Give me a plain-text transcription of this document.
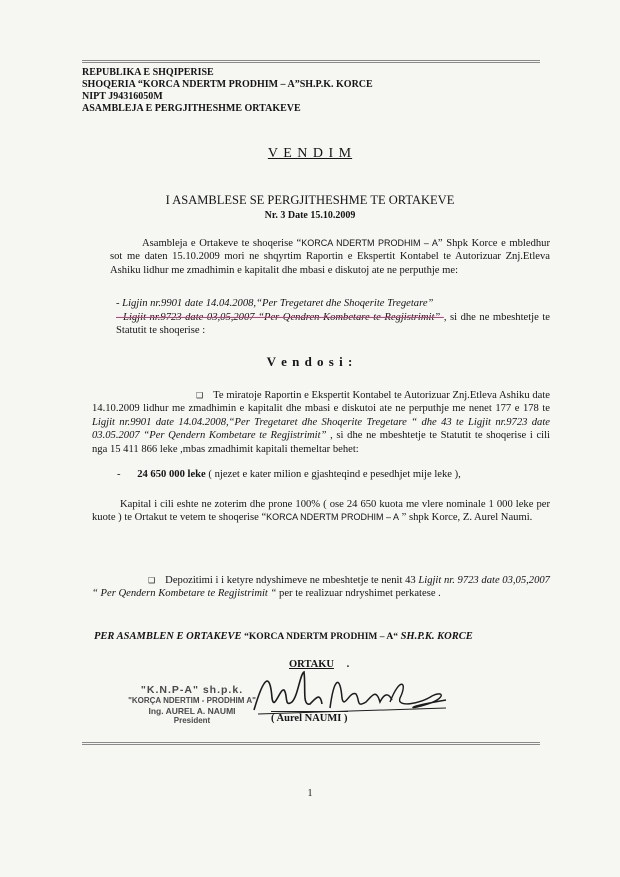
REPUBLIKA E SHQIPERISE
SHOQERIA “KORCA NDERTM PRODHIM – A”SH.P.K. KORCE
NIPT J94316050M
ASAMBLEJA E PERGJITHESHME ORTAKEVE
V E N D I M
I ASAMBLESE SE PERGJITHESHME TE ORTAKEVE
Nr. 3 Date 15.10.2009
Asambleja e Ortakeve te shoqerise “KORCA NDERTM PRODHIM – A” Shpk Korce e mbledhur sot me daten 15.10.2009 mori ne shqyrtim Raportin e Ekspertit Kontabel te Autorizuar Znj.Etleva Ashiku lidhur me zmadhimin e kapitalit dhe mbasi e diskutoj ate ne perputhje me:
- Ligjin nr.9901 date 14.04.2008,“Per Tregetaret dhe Shoqerite Tregetare”
- Ligjit nr.9723 date 03,05,2007 “Per Qendren Kombetare te Regjistrimit” , si dhe ne mbeshtetje te Statutit te shoqerise :
V e n d o s i :
❑ Te miratoje Raportin e Ekspertit Kontabel te Autorizuar Znj.Etleva Ashiku date 14.10.2009 lidhur me zmadhimin e kapitalit dhe mbasi e diskutoi ate ne perputhje me nenet 177 e 178 te Ligjit nr.9901 date 14.04.2008,“Per Tregetaret dhe Shoqerite Tregetare “ dhe 43 te Ligjit nr.9723 date 03.05.2007 “Per Qendern Kombetare te Regjistrimit” , si dhe ne mbeshtetje te Statutit te shoqerise i cili nga 15 411 866 leke ,mbas zmadhimit kapitali themeltar behet:
- 24 650 000 leke ( njezet e kater milion e gjashteqind e pesedhjet mije leke ),
Kapital i cili eshte ne zoterim dhe prone 100% ( ose 24 650 kuota me vlere nominale 1 000 leke per kuote ) te Ortakut te vetem te shoqerise “KORCA NDERTM PRODHIM – A ” shpk Korce, Z. Aurel Naumi.
❑ Depozitimi i i ketyre ndyshimeve ne mbeshtetje te nenit 43 Ligjit nr. 9723 date 03,05,2007 “ Per Qendern Kombetare te Regjistrimit “ per te realizuar ndryshimet perkatese .
PER ASAMBLEN E ORTAKEVE “KORCA NDERTM PRODHIM – A“ SH.P.K. KORCE
ORTAKU .
"K.N.P-A" sh.p.k.
"KORÇA NDERTIM - PRODHIM A"
Ing. AUREL A. NAUMI
President	( Aurel NAUMI )
1
